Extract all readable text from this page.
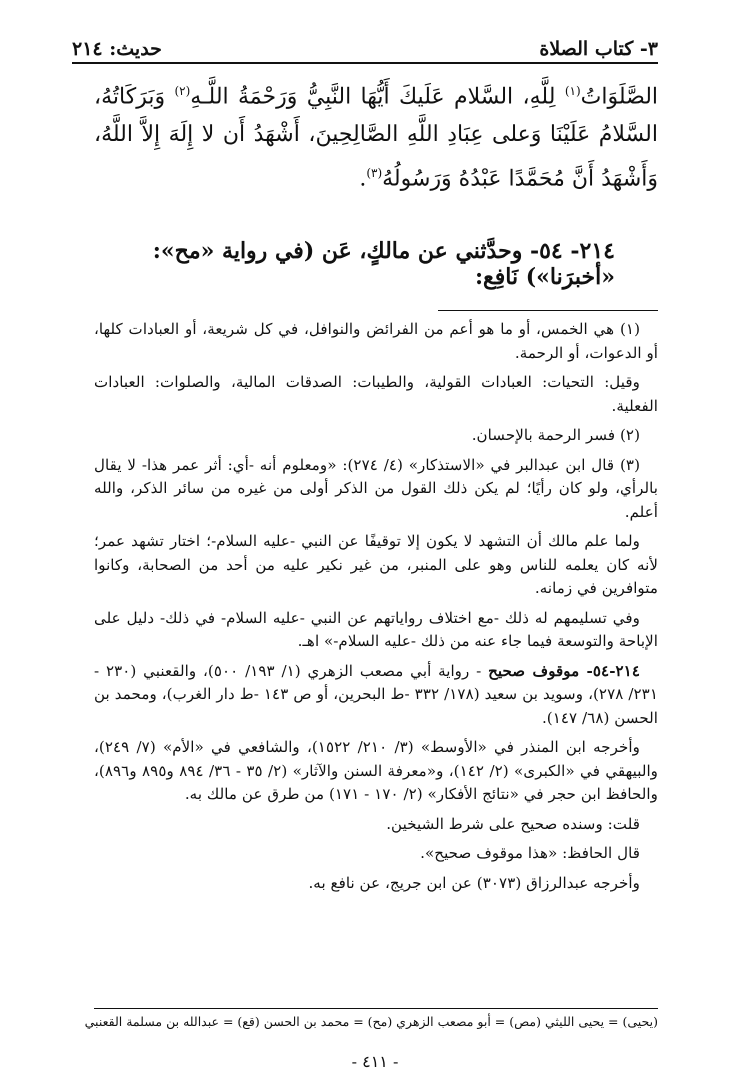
٣- كتاب الصلاة
حديث: ٢١٤
الصَّلَوَاتُ$^{(١)}$ لِلَّهِ، السَّلام عَلَيكَ أَيُّهَا النَّبِيُّ وَرَحْمَةُ اللَّـهِ$^{(٢)}$ وَبَرَكَاتُهُ، السَّلامُ عَلَيْنَا وَعلى عِبَادِ اللَّهِ الصَّالِحِينَ، أَشْهَدُ أَن لا إِلَهَ إِلاَّ اللَّهُ، وَأَشْهَدُ أَنَّ مُحَمَّدًا عَبْدُهُ وَرَسُولُهُ$^{(٣)}$.
٢١٤- ٥٤- وحدَّثني عن مالكٍ، عَن (في رواية «مح»: «أخبرَنا») نَافِع:

(١) هي الخمس، أو ما هو أعم من الفرائض والنوافل، في كل شريعة، أو العبادات كلها، أو الدعوات، أو الرحمة.

وقيل: التحيات: العبادات القولية، والطيبات: الصدقات المالية، والصلوات: العبادات الفعلية.

(٢) فسر الرحمة بالإحسان.

(٣) قال ابن عبدالبر في «الاستذكار» (٤/ ٢٧٤): «ومعلوم أنه -أي: أثر عمر هذا- لا يقال بالرأي، ولو كان رأيًا؛ لم يكن ذلك القول من الذكر أولى من غيره من سائر الذكر، والله أعلم.

ولما علم مالك أن التشهد لا يكون إلا توقيفًا عن النبي -عليه السلام-؛ اختار تشهد عمر؛ لأنه كان يعلمه للناس وهو على المنبر، من غير نكير عليه من أحد من الصحابة، وكانوا متوافرين في زمانه.

وفي تسليمهم له ذلك -مع اختلاف رواياتهم عن النبي -عليه السلام- في ذلك- دليل على الإباحة والتوسعة فيما جاء عنه من ذلك -عليه السلام-» اهـ.

٢١٤-٥٤- موقوف صحيح - رواية أبي مصعب الزهري (١/ ١٩٣/ ٥٠٠)، والقعنبي (٢٣٠ - ٢٣١/ ٢٧٨)، وسويد بن سعيد (١٧٨/ ٣٣٢ -ط البحرين، أو ص ١٤٣ -ط دار الغرب)، ومحمد بن الحسن (٦٨/ ١٤٧).

وأخرجه ابن المنذر في «الأوسط» (٣/ ٢١٠/ ١٥٢٢)، والشافعي في «الأم» (٧/ ٢٤٩)، والبيهقي في «الكبرى» (٢/ ١٤٢)، و«معرفة السنن والآثار» (٢/ ٣٥ - ٣٦/ ٨٩٤ و٨٩٥ و٨٩٦)، والحافظ ابن حجر في «نتائج الأفكار» (٢/ ١٧٠ - ١٧١) من طرق عن مالك به.

قلت: وسنده صحيح على شرط الشيخين.

قال الحافظ: «هذا موقوف صحيح».

وأخرجه عبدالرزاق (٣٠٧٣) عن ابن جريج، عن نافع به.

(يحيى) = يحيى الليثي (مص) = أبو مصعب الزهري (مح) = محمد بن الحسن (قع) = عبدالله بن مسلمة القعنبي
- ٤١١ -
